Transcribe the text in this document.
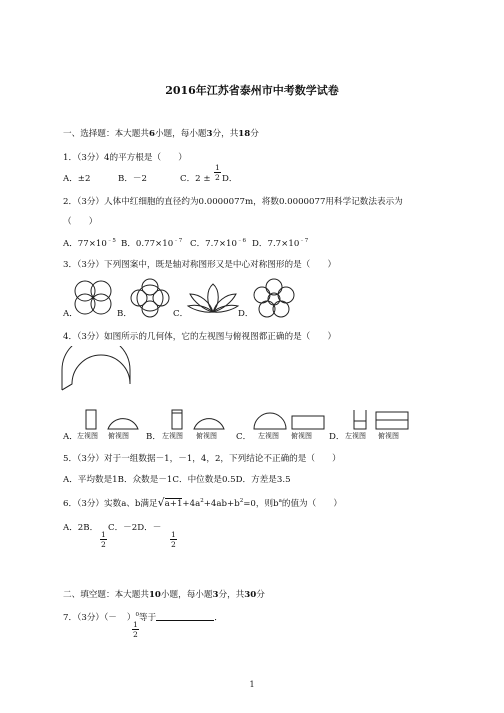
2016年江苏省泰州市中考数学试卷
一、选择题：本大题共6小题，每小题3分，共18分
1．（3分）4的平方根是（　　）
A．±2	B．－2	C．$2 \pm \frac{1}{2}$ D．
2．（3分）人体中红细胞的直径约为0.0000077m，将数0.0000077用科学记数法表示为
（　　）
A．$77\times 10^{﹣5}$ B．$0.77\times 10^{﹣7}$ C．$7.7\times 10^{﹣6}$ D．$7.7\times 10^{﹣7}$
3．（3分）下列图案中，既是轴对称图形又是中心对称图形的是（　　）
A．	B．	C．	D．
4．（3分）如图所示的几何体，它的左视图与俯视图都正确的是（　　）
A． 左视图 俯视图 B． 左视图 俯视图 C． 左视图 俯视图 D． 左视图 俯视图
5．（3分）对于一组数据－1，－1，4，2，下列结论不正确的是（　　）
A．平均数是1B．众数是－1C．中位数是0.5D．方差是3.5
6．（3分）实数a、b满足$√a+1+4a^2+4ab+b^2=0$，则$b^a$的值为（　　）
A．2B．
$\frac{1}{2}$
C．－2D．－
$\frac{1}{2}$
二、填空题：本大题共10小题，每小题3分，共30分
7．（3分）（－ ）$^0$等于	．
$\frac{1}{2}$
1
